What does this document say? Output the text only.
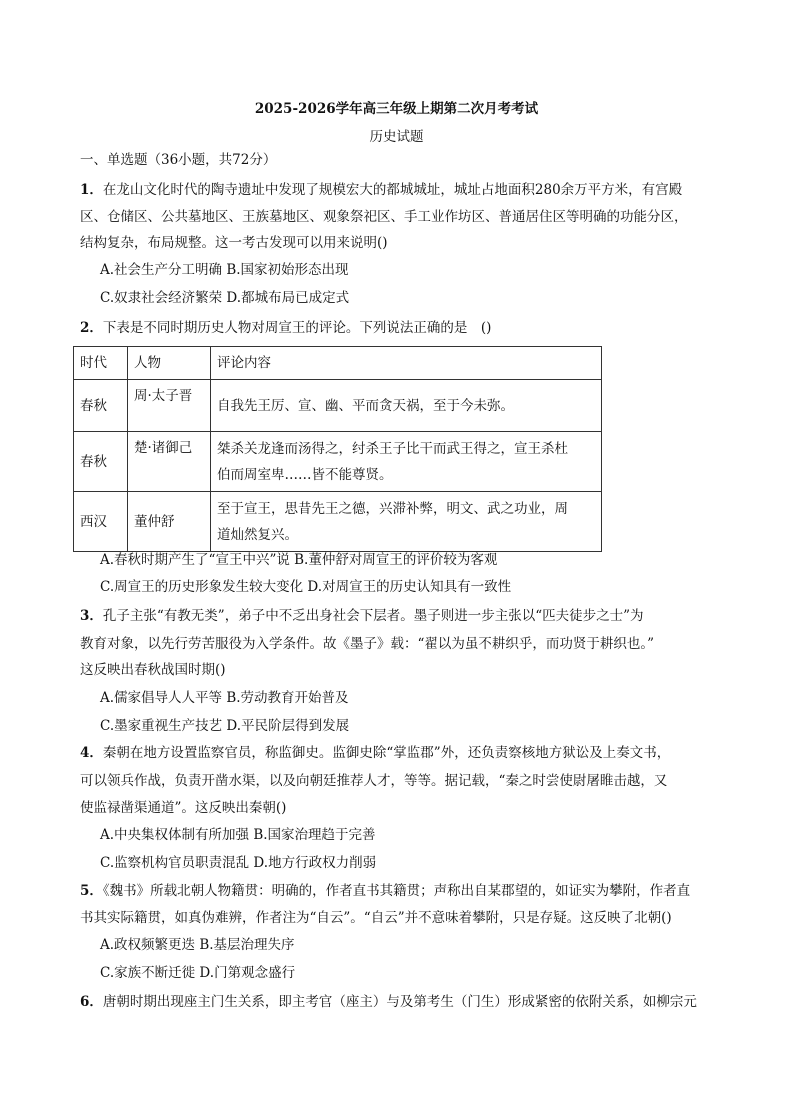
2025-2026学年高三年级上期第二次月考考试
历史试题
一、单选题（36小题，共72分）
1．在龙山文化时代的陶寺遗址中发现了规模宏大的都城城址，城址占地面积280余万平方米，有宫殿
区、仓储区、公共墓地区、王族墓地区、观象祭祀区、手工业作坊区、普通居住区等明确的功能分区，
结构复杂，布局规整。这一考古发现可以用来说明()
A.社会生产分工明确 B.国家初始形态出现
C.奴隶社会经济繁荣 D.都城布局已成定式
2．下表是不同时期历史人物对周宣王的评论。下列说法正确的是　()
时代	人物	评论内容
春秋	周·太子晋	自我先王厉、宣、幽、平而贪天祸，至于今未弥。

春秋	楚·诸御己	桀杀关龙逢而汤得之，纣杀王子比干而武王得之，宣王杀杜
伯而周室卑……皆不能尊贤。

西汉	董仲舒	至于宣王，思昔先王之德，兴滞补弊，明文、武之功业，周
道灿然复兴。
A.春秋时期产生了“宣王中兴”说 B.董仲舒对周宣王的评价较为客观
C.周宣王的历史形象发生较大变化 D.对周宣王的历史认知具有一致性
3．孔子主张“有教无类”，弟子中不乏出身社会下层者。墨子则进一步主张以“匹夫徒步之士”为
教育对象，以先行劳苦服役为入学条件。故《墨子》载：“翟以为虽不耕织乎，而功贤于耕织也。”
这反映出春秋战国时期()
A.儒家倡导人人平等 B.劳动教育开始普及
C.墨家重视生产技艺 D.平民阶层得到发展
4．秦朝在地方设置监察官员，称监御史。监御史除“掌监郡”外，还负责察核地方狱讼及上奏文书，
可以领兵作战，负责开凿水渠，以及向朝廷推荐人才，等等。据记载，“秦之时尝使尉屠睢击越，又
使监禄凿渠通道”。这反映出秦朝()
A.中央集权体制有所加强 B.国家治理趋于完善
C.监察机构官员职责混乱 D.地方行政权力削弱
5．《魏书》所载北朝人物籍贯：明确的，作者直书其籍贯；声称出自某郡望的，如证实为攀附，作者直
书其实际籍贯，如真伪难辨，作者注为“自云”。“自云”并不意味着攀附，只是存疑。这反映了北朝()
A.政权频繁更迭 B.基层治理失序
C.家族不断迁徙 D.门第观念盛行
6．唐朝时期出现座主门生关系，即主考官（座主）与及第考生（门生）形成紧密的依附关系，如柳宗元
